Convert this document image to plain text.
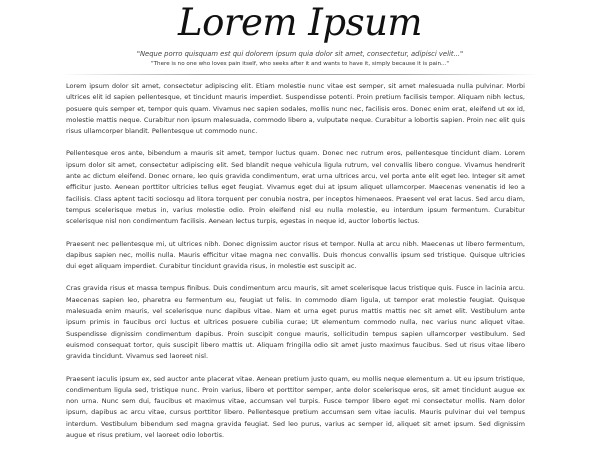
Lorem Ipsum

"Neque porro quisquam est qui dolorem ipsum quia dolor sit amet, consectetur, adipisci velit..."

"There is no one who loves pain itself, who seeks after it and wants to have it, simply because it is pain..."

Lorem ipsum dolor sit amet, consectetur adipiscing elit. Etiam molestie nunc vitae est semper, sit amet malesuada nulla pulvinar. Morbi ultrices elit id sapien pellentesque, et tincidunt mauris imperdiet. Suspendisse potenti. Proin pretium facilisis tempor. Aliquam nibh lectus, posuere quis semper et, tempor quis quam. Vivamus nec sapien sodales, mollis nunc nec, facilisis eros. Donec enim erat, eleifend ut ex id, molestie mattis neque. Curabitur non ipsum malesuada, commodo libero a, vulputate neque. Curabitur a lobortis sapien. Proin nec elit quis risus ullamcorper blandit. Pellentesque ut commodo nunc.

Pellentesque eros ante, bibendum a mauris sit amet, tempor luctus quam. Donec nec rutrum eros, pellentesque tincidunt diam. Lorem ipsum dolor sit amet, consectetur adipiscing elit. Sed blandit neque vehicula ligula rutrum, vel convallis libero congue. Vivamus hendrerit ante ac dictum eleifend. Donec ornare, leo quis gravida condimentum, erat urna ultrices arcu, vel porta ante elit eget leo. Integer sit amet efficitur justo. Aenean porttitor ultricies tellus eget feugiat. Vivamus eget dui at ipsum aliquet ullamcorper. Maecenas venenatis id leo a facilisis. Class aptent taciti sociosqu ad litora torquent per conubia nostra, per inceptos himenaeos. Praesent vel erat lacus. Sed arcu diam, tempus scelerisque metus in, varius molestie odio. Proin eleifend nisl eu nulla molestie, eu interdum ipsum fermentum. Curabitur scelerisque nisl non condimentum facilisis. Aenean lectus turpis, egestas in neque id, auctor lobortis lectus.

Praesent nec pellentesque mi, ut ultrices nibh. Donec dignissim auctor risus et tempor. Nulla at arcu nibh. Maecenas ut libero fermentum, dapibus sapien nec, mollis nulla. Mauris efficitur vitae magna nec convallis. Duis rhoncus convallis ipsum sed tristique. Quisque ultricies dui eget aliquam imperdiet. Curabitur tincidunt gravida risus, in molestie est suscipit ac.

Cras gravida risus et massa tempus finibus. Duis condimentum arcu mauris, sit amet scelerisque lacus tristique quis. Fusce in lacinia arcu. Maecenas sapien leo, pharetra eu fermentum eu, feugiat ut felis. In commodo diam ligula, ut tempor erat molestie feugiat. Quisque malesuada enim mauris, vel scelerisque nunc dapibus vitae. Nam et urna eget purus mattis mattis nec sit amet elit. Vestibulum ante ipsum primis in faucibus orci luctus et ultrices posuere cubilia curae; Ut elementum commodo nulla, nec varius nunc aliquet vitae. Suspendisse dignissim condimentum dapibus. Proin suscipit congue mauris, sollicitudin tempus sapien ullamcorper vestibulum. Sed euismod consequat tortor, quis suscipit libero mattis ut. Aliquam fringilla odio sit amet justo maximus faucibus. Sed ut risus vitae libero gravida tincidunt. Vivamus sed laoreet nisl.

Praesent iaculis ipsum ex, sed auctor ante placerat vitae. Aenean pretium justo quam, eu mollis neque elementum a. Ut eu ipsum tristique, condimentum ligula sed, tristique nunc. Proin varius, libero et porttitor semper, ante dolor scelerisque eros, sit amet tincidunt augue ex non urna. Nunc sem dui, faucibus et maximus vitae, accumsan vel turpis. Fusce tempor libero eget mi consectetur mollis. Nam dolor ipsum, dapibus ac arcu vitae, cursus porttitor libero. Pellentesque pretium accumsan sem vitae iaculis. Mauris pulvinar dui vel tempus interdum. Vestibulum bibendum sed magna gravida feugiat. Sed leo purus, varius ac semper id, aliquet sit amet ipsum. Sed dignissim augue et risus pretium, vel laoreet odio lobortis.
